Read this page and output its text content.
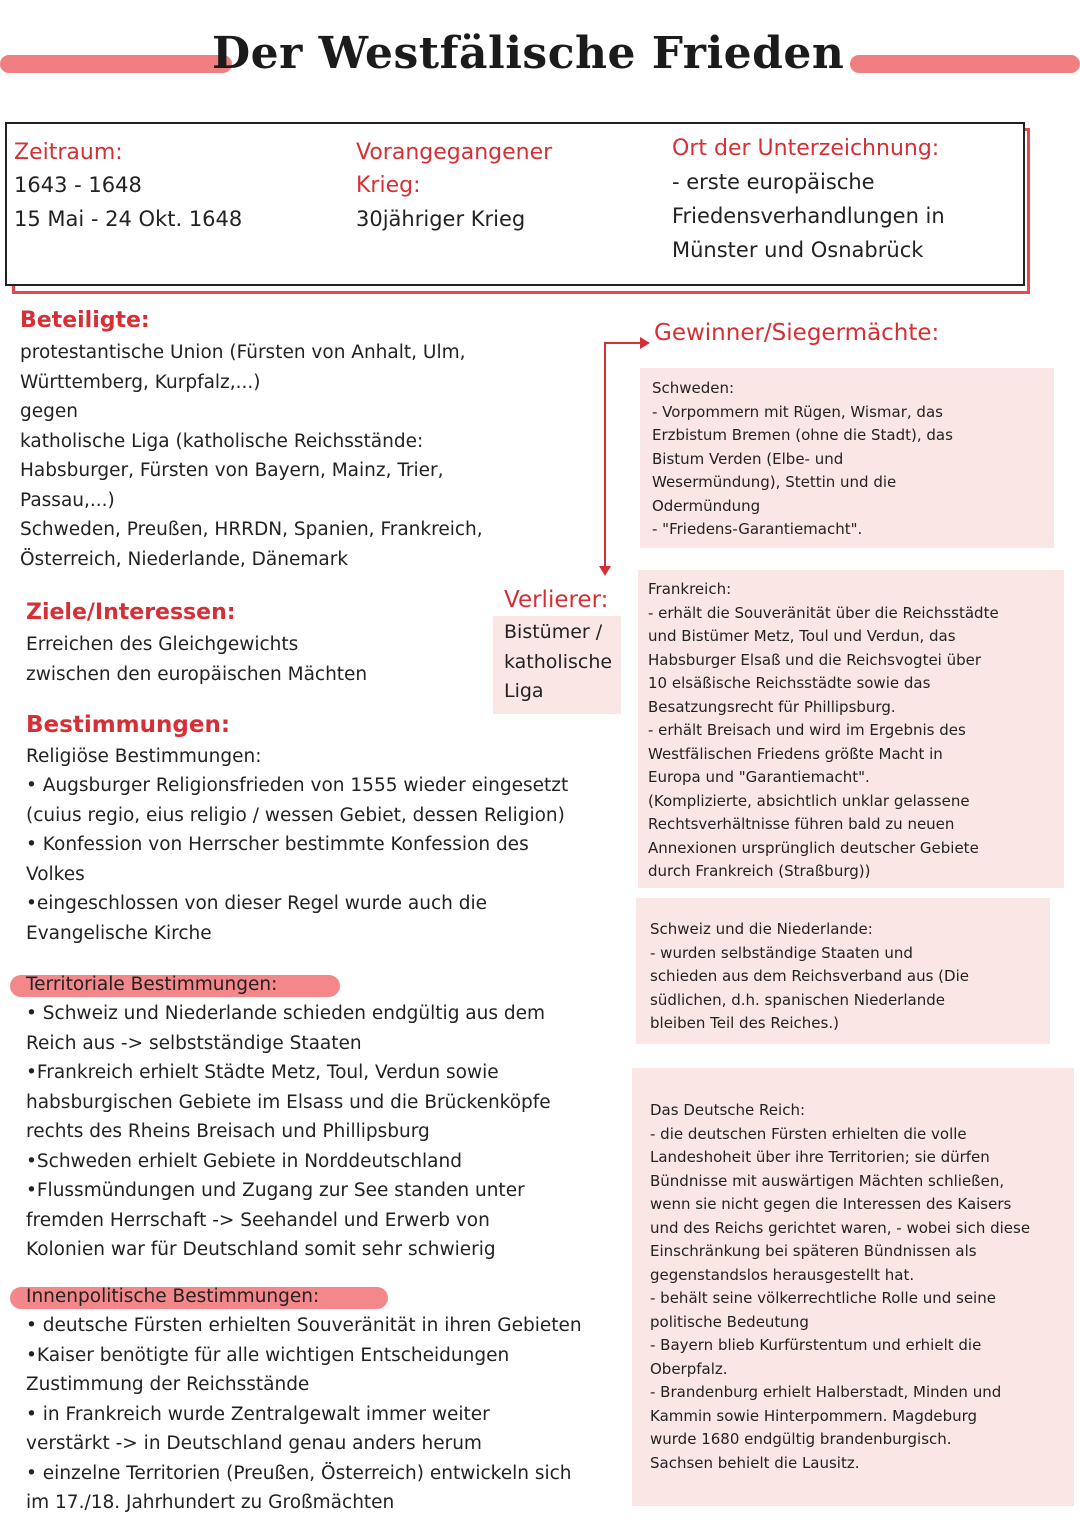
Der Westfälische Frieden
Zeitraum:
1643 - 1648
15 Mai - 24 Okt. 1648
Vorangegangener
Krieg:
30jähriger Krieg
Ort der Unterzeichnung:
- erste europäische
Friedensverhandlungen in
Münster und Osnabrück
Beteiligte:
protestantische Union (Fürsten von Anhalt, Ulm,
Württemberg, Kurpfalz,...)
gegen
katholische Liga (katholische Reichsstände:
Habsburger, Fürsten von Bayern, Mainz, Trier,
Passau,...)
Schweden, Preußen, HRRDN, Spanien, Frankreich,
Österreich, Niederlande, Dänemark
Gewinner/Siegermächte:
Schweden:
- Vorpommern mit Rügen, Wismar, das
Erzbistum Bremen (ohne die Stadt), das
Bistum Verden (Elbe- und
Wesermündung), Stettin und die
Odermündung
- "Friedens-Garantiemacht".
Ziele/Interessen:
Erreichen des Gleichgewichts
zwischen den europäischen Mächten
Verlierer:
Bistümer /
katholische
Liga
Frankreich:
- erhält die Souveränität über die Reichsstädte
und Bistümer Metz, Toul und Verdun, das
Habsburger Elsaß und die Reichsvogtei über
10 elsäßische Reichsstädte sowie das
Besatzungsrecht für Phillipsburg.
- erhält Breisach und wird im Ergebnis des
Westfälischen Friedens größte Macht in
Europa und "Garantiemacht".
(Komplizierte, absichtlich unklar gelassene
Rechtsverhältnisse führen bald zu neuen
Annexionen ursprünglich deutscher Gebiete
durch Frankreich (Straßburg))
Bestimmungen:
Religiöse Bestimmungen:
• Augsburger Religionsfrieden von 1555 wieder eingesetzt
(cuius regio, eius religio / wessen Gebiet, dessen Religion)
• Konfession von Herrscher bestimmte Konfession des
Volkes
•eingeschlossen von dieser Regel wurde auch die
Evangelische Kirche	Schweiz und die Niederlande:
- wurden selbständige Staaten und
schieden aus dem Reichsverband aus (Die
südlichen, d.h. spanischen Niederlande
bleiben Teil des Reiches.)
Territoriale Bestimmungen:
• Schweiz und Niederlande schieden endgültig aus dem
Reich aus -> selbstständige Staaten
•Frankreich erhielt Städte Metz, Toul, Verdun sowie
habsburgischen Gebiete im Elsass und die Brückenköpfe
rechts des Rheins Breisach und Phillipsburg
•Schweden erhielt Gebiete in Norddeutschland
•Flussmündungen und Zugang zur See standen unter
fremden Herrschaft -> Seehandel und Erwerb von
Kolonien war für Deutschland somit sehr schwierig
Das Deutsche Reich:
- die deutschen Fürsten erhielten die volle
Landeshoheit über ihre Territorien; sie dürfen
Bündnisse mit auswärtigen Mächten schließen,
wenn sie nicht gegen die Interessen des Kaisers
und des Reichs gerichtet waren, - wobei sich diese
Einschränkung bei späteren Bündnissen als
gegenstandslos herausgestellt hat.
- behält seine völkerrechtliche Rolle und seine
politische Bedeutung
- Bayern blieb Kurfürstentum und erhielt die
Oberpfalz.
- Brandenburg erhielt Halberstadt, Minden und
Kammin sowie Hinterpommern. Magdeburg
wurde 1680 endgültig brandenburgisch.
Sachsen behielt die Lausitz.
Innenpolitische Bestimmungen:
• deutsche Fürsten erhielten Souveränität in ihren Gebieten
•Kaiser benötigte für alle wichtigen Entscheidungen
Zustimmung der Reichsstände
• in Frankreich wurde Zentralgewalt immer weiter
verstärkt -> in Deutschland genau anders herum
• einzelne Territorien (Preußen, Österreich) entwickeln sich
im 17./18. Jahrhundert zu Großmächten
